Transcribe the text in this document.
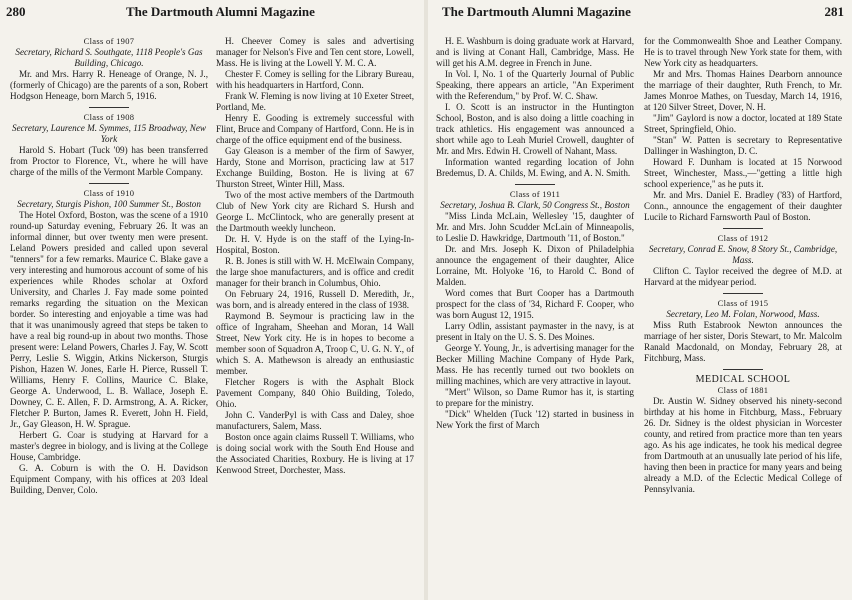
280	The Dartmouth Alumni Magazine

Class of 1907

Secretary, Richard S. Southgate, 1118 People's Gas Building, Chicago.

Mr. and Mrs. Harry R. Heneage of Orange, N. J., (formerly of Chicago) are the parents of a son, Robert Hodgson Heneage, born March 5, 1916.

Class of 1908

Secretary, Laurence M. Symmes, 115 Broadway, New York

Harold S. Hobart (Tuck '09) has been transferred from Proctor to Florence, Vt., where he will have charge of the mills of the Vermont Marble Company.

Class of 1910

Secretary, Sturgis Pishon, 100 Summer St., Boston

The Hotel Oxford, Boston, was the scene of a 1910 round-up Saturday evening, February 26. It was an informal dinner, but over twenty men were present. Leland Powers presided and called upon several "tenners" for a few remarks. Maurice C. Blake gave a very interesting and humorous account of some of his experiences while Rhodes scholar at Oxford University, and Charles J. Fay made some pointed remarks regarding the situation on the Mexican border. So interesting and enjoyable a time was had that it was unanimously agreed that steps be taken to have a real big round-up in about two months. Those present were: Leland Powers, Charles J. Fay, W. Scott Perry, Leslie S. Wiggin, Atkins Nickerson, Sturgis Pishon, Hazen W. Jones, Earle H. Pierce, Russell T. Williams, Henry F. Collins, Maurice C. Blake, George A. Underwood, L. B. Wallace, Joseph E. Downey, C. E. Allen, F. D. Armstrong, A. A. Ricker, Fletcher P. Burton, James R. Everett, John H. Field, Jr., Gay Gleason, H. W. Sprague.

Herbert G. Coar is studying at Harvard for a master's degree in biology, and is living at the College House, Cambridge.

G. A. Coburn is with the O. H. Davidson Equipment Company, with his offices at 203 Ideal Building, Denver, Colo.

H. Cheever Comey is sales and advertising manager for Nelson's Five and Ten cent store, Lowell, Mass. He is living at the Lowell Y. M. C. A.

Chester F. Comey is selling for the Library Bureau, with his headquarters in Hartford, Conn.

Frank W. Fleming is now living at 10 Exeter Street, Portland, Me.

Henry E. Gooding is extremely successful with Flint, Bruce and Company of Hartford, Conn. He is in charge of the office equipment end of the business.

Gay Gleason is a member of the firm of Sawyer, Hardy, Stone and Morrison, practicing law at 517 Exchange Building, Boston. He is living at 67 Thurston Street, Winter Hill, Mass.

Two of the most active members of the Dartmouth Club of New York city are Richard S. Hursh and George L. McClintock, who are generally present at the Dartmouth weekly luncheon.

Dr. H. V. Hyde is on the staff of the Lying-In-Hospital, Boston.

R. B. Jones is still with W. H. McElwain Company, the large shoe manufacturers, and is office and credit manager for their branch in Columbus, Ohio.

On February 24, 1916, Russell D. Meredith, Jr., was born, and is already entered in the class of 1938.

Raymond B. Seymour is practicing law in the office of Ingraham, Sheehan and Moran, 14 Wall Street, New York city. He is in hopes to become a member soon of Squadron A, Troop C, U. G. N. Y., of which S. A. Mathewson is already an enthusiastic member.

Fletcher Rogers is with the Asphalt Block Pavement Company, 840 Ohio Building, Toledo, Ohio.

John C. VanderPyl is with Cass and Daley, shoe manufacturers, Salem, Mass.

Boston once again claims Russell T. Williams, who is doing social work with the South End House and the Associated Charities, Roxbury. He is living at 17 Kenwood Street, Dorchester, Mass.

The Dartmouth Alumni Magazine	281

H. E. Washburn is doing graduate work at Harvard, and is living at Conant Hall, Cambridge, Mass. He will get his A.M. degree in French in June.

In Vol. I, No. 1 of the Quarterly Journal of Public Speaking, there appears an article, "An Experiment with the Referendum," by Prof. W. C. Shaw.

I. O. Scott is an instructor in the Huntington School, Boston, and is also doing a little coaching in track athletics. His engagement was announced a short while ago to Leah Muriel Crowell, daughter of Mr. and Mrs. Edwin H. Crowell of Nahant, Mass.

Information wanted regarding location of John Bredemus, D. A. Childs, M. Ewing, and A. N. Smith.

Class of 1911

Secretary, Joshua B. Clark, 50 Congress St., Boston

"Miss Linda McLain, Wellesley '15, daughter of Mr. and Mrs. John Scudder McLain of Minneapolis, to Leslie D. Hawkridge, Dartmouth '11, of Boston."

Dr. and Mrs. Joseph K. Dixon of Philadelphia announce the engagement of their daughter, Alice Lorraine, Mt. Holyoke '16, to Harold C. Bond of Malden.

Word comes that Burt Cooper has a Dartmouth prospect for the class of '34, Richard F. Cooper, who was born August 12, 1915.

Larry Odlin, assistant paymaster in the navy, is at present in Italy on the U. S. S. Des Moines.

George Y. Young, Jr., is advertising manager for the Becker Milling Machine Company of Hyde Park, Mass. He has recently turned out two booklets on milling machines, which are very attractive in layout.

"Mert" Wilson, so Dame Rumor has it, is starting to prepare for the ministry.

"Dick" Whelden (Tuck '12) started in business in New York the first of March

for the Commonwealth Shoe and Leather Company. He is to travel through New York state for them, with New York city as headquarters.

Mr and Mrs. Thomas Haines Dearborn announce the marriage of their daughter, Ruth French, to Mr. James Monroe Mathes, on Tuesday, March 14, 1916, at 120 Silver Street, Dover, N. H.

"Jim" Gaylord is now a doctor, located at 189 State Street, Springfield, Ohio.

"Stan" W. Patten is secretary to Representative Dallinger in Washington, D. C.

Howard F. Dunham is located at 15 Norwood Street, Winchester, Mass.,—"getting a little high school experience," as he puts it.

Mr. and Mrs. Daniel E. Bradley ('83) of Hartford, Conn., announce the engagement of their daughter Lucile to Richard Farnsworth Paul of Boston.

Class of 1912

Secretary, Conrad E. Snow, 8 Story St., Cambridge, Mass.

Clifton C. Taylor received the degree of M.D. at Harvard at the midyear period.

Class of 1915

Secretary, Leo M. Folan, Norwood, Mass.

Miss Ruth Estabrook Newton announces the marriage of her sister, Doris Stewart, to Mr. Malcolm Ranald Macdonald, on Monday, February 28, at Fitchburg, Mass.

MEDICAL SCHOOL

Class of 1881

Dr. Austin W. Sidney observed his ninety-second birthday at his home in Fitchburg, Mass., February 26. Dr. Sidney is the oldest physician in Worcester county, and retired from practice more than ten years ago. As his age indicates, he took his medical degree from Dartmouth at an unusually late period of his life, having then been in practice for many years and being already a M.D. of the Eclectic Medical College of Pennsylvania.
